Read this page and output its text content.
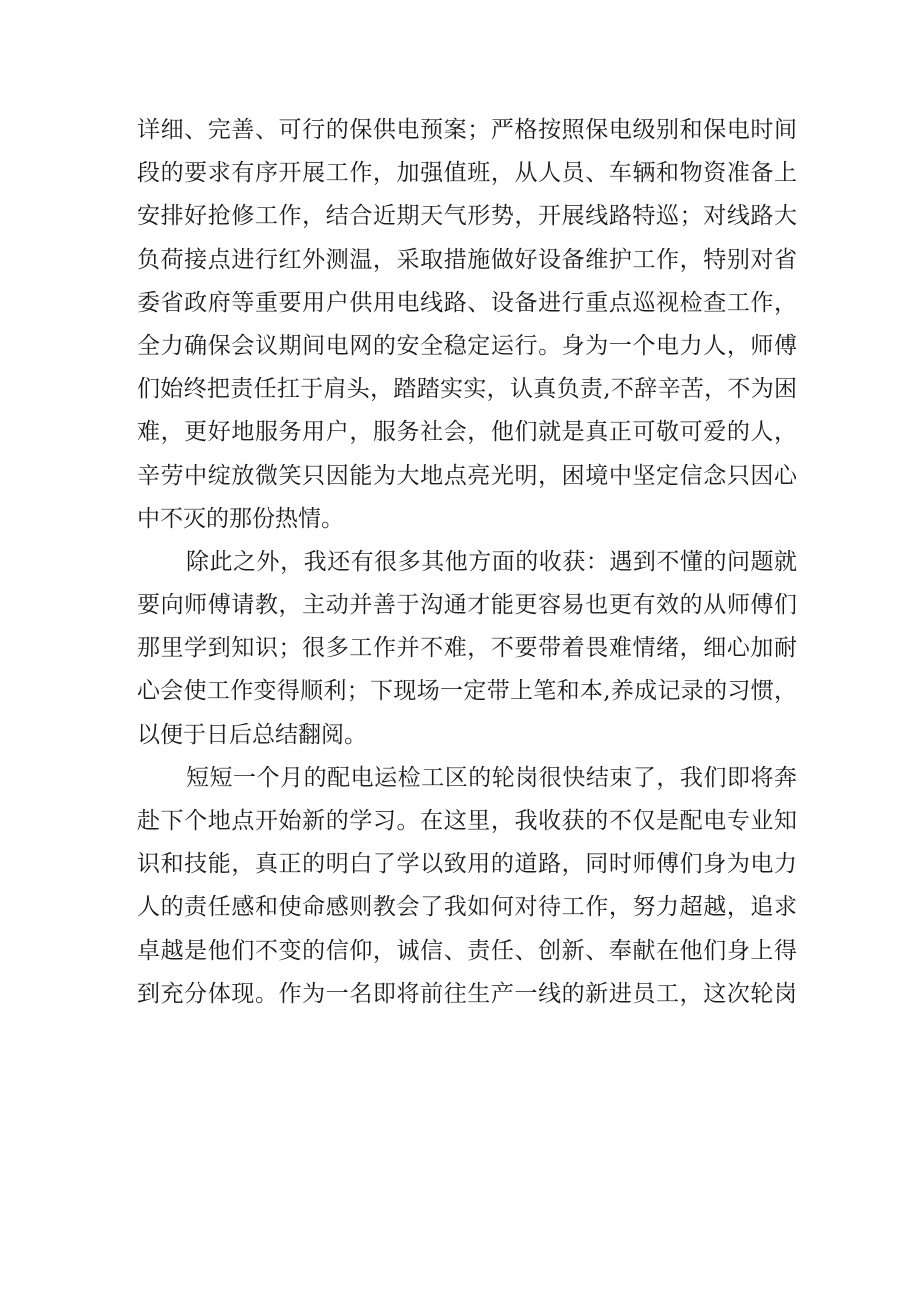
详细、完善、可行的保供电预案；严格按照保电级别和保电时间
段的要求有序开展工作，加强值班，从人员、车辆和物资准备上
安排好抢修工作，结合近期天气形势，开展线路特巡；对线路大
负荷接点进行红外测温，采取措施做好设备维护工作，特别对省
委省政府等重要用户供用电线路、设备进行重点巡视检查工作，
全力确保会议期间电网的安全稳定运行。身为一个电力人，师傅
们始终把责任扛于肩头，踏踏实实，认真负责,不辞辛苦，不为困
难，更好地服务用户，服务社会，他们就是真正可敬可爱的人，
辛劳中绽放微笑只因能为大地点亮光明，困境中坚定信念只因心
中不灭的那份热情。

除此之外，我还有很多其他方面的收获：遇到不懂的问题就
要向师傅请教，主动并善于沟通才能更容易也更有效的从师傅们
那里学到知识；很多工作并不难，不要带着畏难情绪，细心加耐
心会使工作变得顺利；下现场一定带上笔和本,养成记录的习惯，
以便于日后总结翻阅。

短短一个月的配电运检工区的轮岗很快结束了，我们即将奔
赴下个地点开始新的学习。在这里，我收获的不仅是配电专业知
识和技能，真正的明白了学以致用的道路，同时师傅们身为电力
人的责任感和使命感则教会了我如何对待工作，努力超越，追求
卓越是他们不变的信仰，诚信、责任、创新、奉献在他们身上得
到充分体现。作为一名即将前往生产一线的新进员工，这次轮岗
